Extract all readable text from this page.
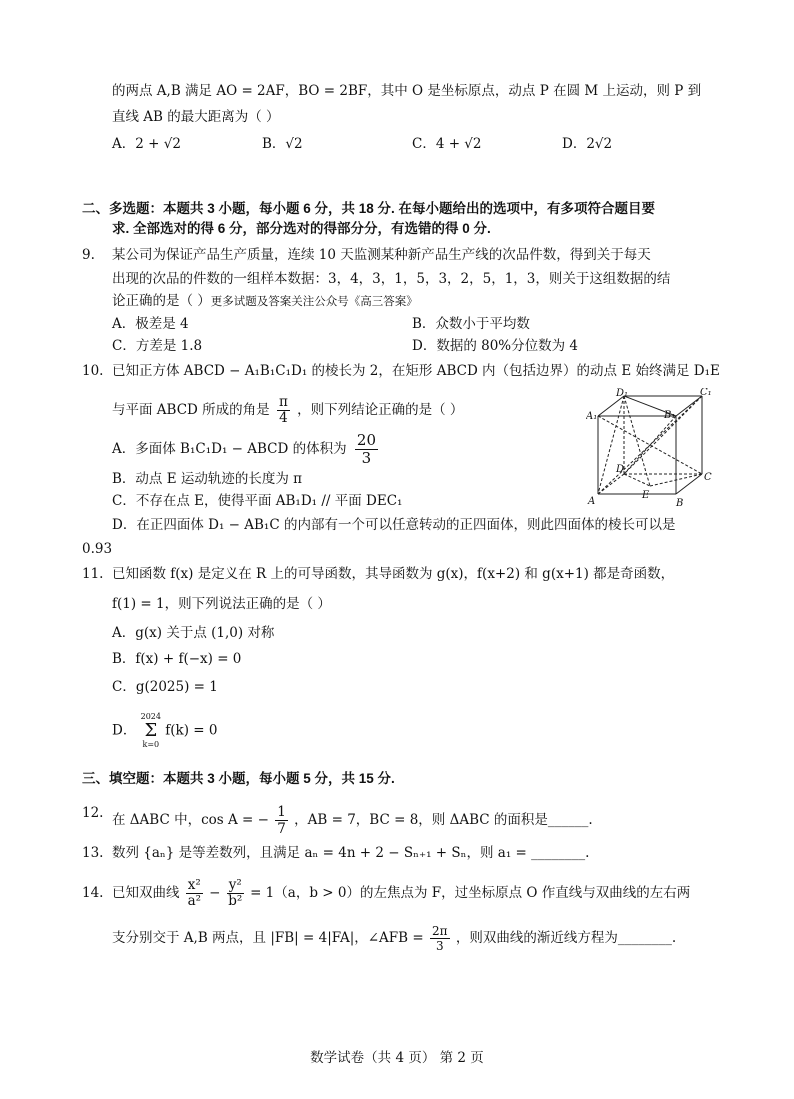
的两点 A,B 满足 AO = 2AF，BO = 2BF，其中 O 是坐标原点，动点 P 在圆 M 上运动，则 P 到
直线 AB 的最大距离为（ ）
A．2 + √2	B．√2	C．4 + √2	D．2√2
二、多选题：本题共 3 小题，每小题 6 分，共 18 分. 在每小题给出的选项中，有多项符合题目要
求. 全部选对的得 6 分，部分选对的得部分分，有选错的得 0 分.
9. 某公司为保证产品生产质量，连续 10 天监测某种新产品生产线的次品件数，得到关于每天
出现的次品的件数的一组样本数据：3，4，3，1，5，3，2，5，1，3，则关于这组数据的结
论正确的是（ ）更多试题及答案关注公众号《高三答案》
A．极差是 4	B．众数小于平均数
C．方差是 1.8	D．数据的 80%分位数为 4
10. 已知正方体 ABCD − A₁B₁C₁D₁ 的棱长为 2，在矩形 ABCD 内（包括边界）的动点 E 始终满足 D₁E
与平面 ABCD 所成的角是 $\frac{\pi}{4}$ ，则下列结论正确的是（ ）
A．多面体 B₁C₁D₁ − ABCD 的体积为 $\frac{20}{3}$
B．动点 E 运动轨迹的长度为 π
C．不存在点 E，使得平面 AB₁D₁ // 平面 DEC₁
D．在正四面体 D₁ − AB₁C 的内部有一个可以任意转动的正四面体，则此四面体的棱长可以是
0.93
D₁	C₁
A₁	B₁
D
C
A
E
B
11. 已知函数 f(x) 是定义在 R 上的可导函数，其导函数为 g(x)，f(x+2) 和 g(x+1) 都是奇函数，
f(1) = 1，则下列说法正确的是（ ）
A．g(x) 关于点 (1,0) 对称
B．f(x) + f(−x) = 0
C．g(2025) = 1
D．
2024
Σ
k=0
f(k) = 0
三、填空题：本题共 3 小题，每小题 5 分，共 15 分.
12. 在 ΔABC 中，cos A = − $\frac{1}{7}$ ，AB = 7，BC = 8，则 ΔABC 的面积是______.
13. 数列 {aₙ} 是等差数列，且满足 aₙ = 4n + 2 − Sₙ₊₁ + Sₙ，则 a₁ = ________.
14. 已知双曲线 $\frac{\text{x²}}{\text{a²}} - \frac{\text{y²}}{\text{b²}} = 1(a$，b > 0）的左焦点为 F，过坐标原点 O 作直线与双曲线的左右两
支分别交于 A,B 两点，且 |FB| = 4|FA|，∠AFB = $\frac{2\pi}{3}$ ，则双曲线的渐近线方程为________.
数学试卷（共 4 页） 第 2 页
